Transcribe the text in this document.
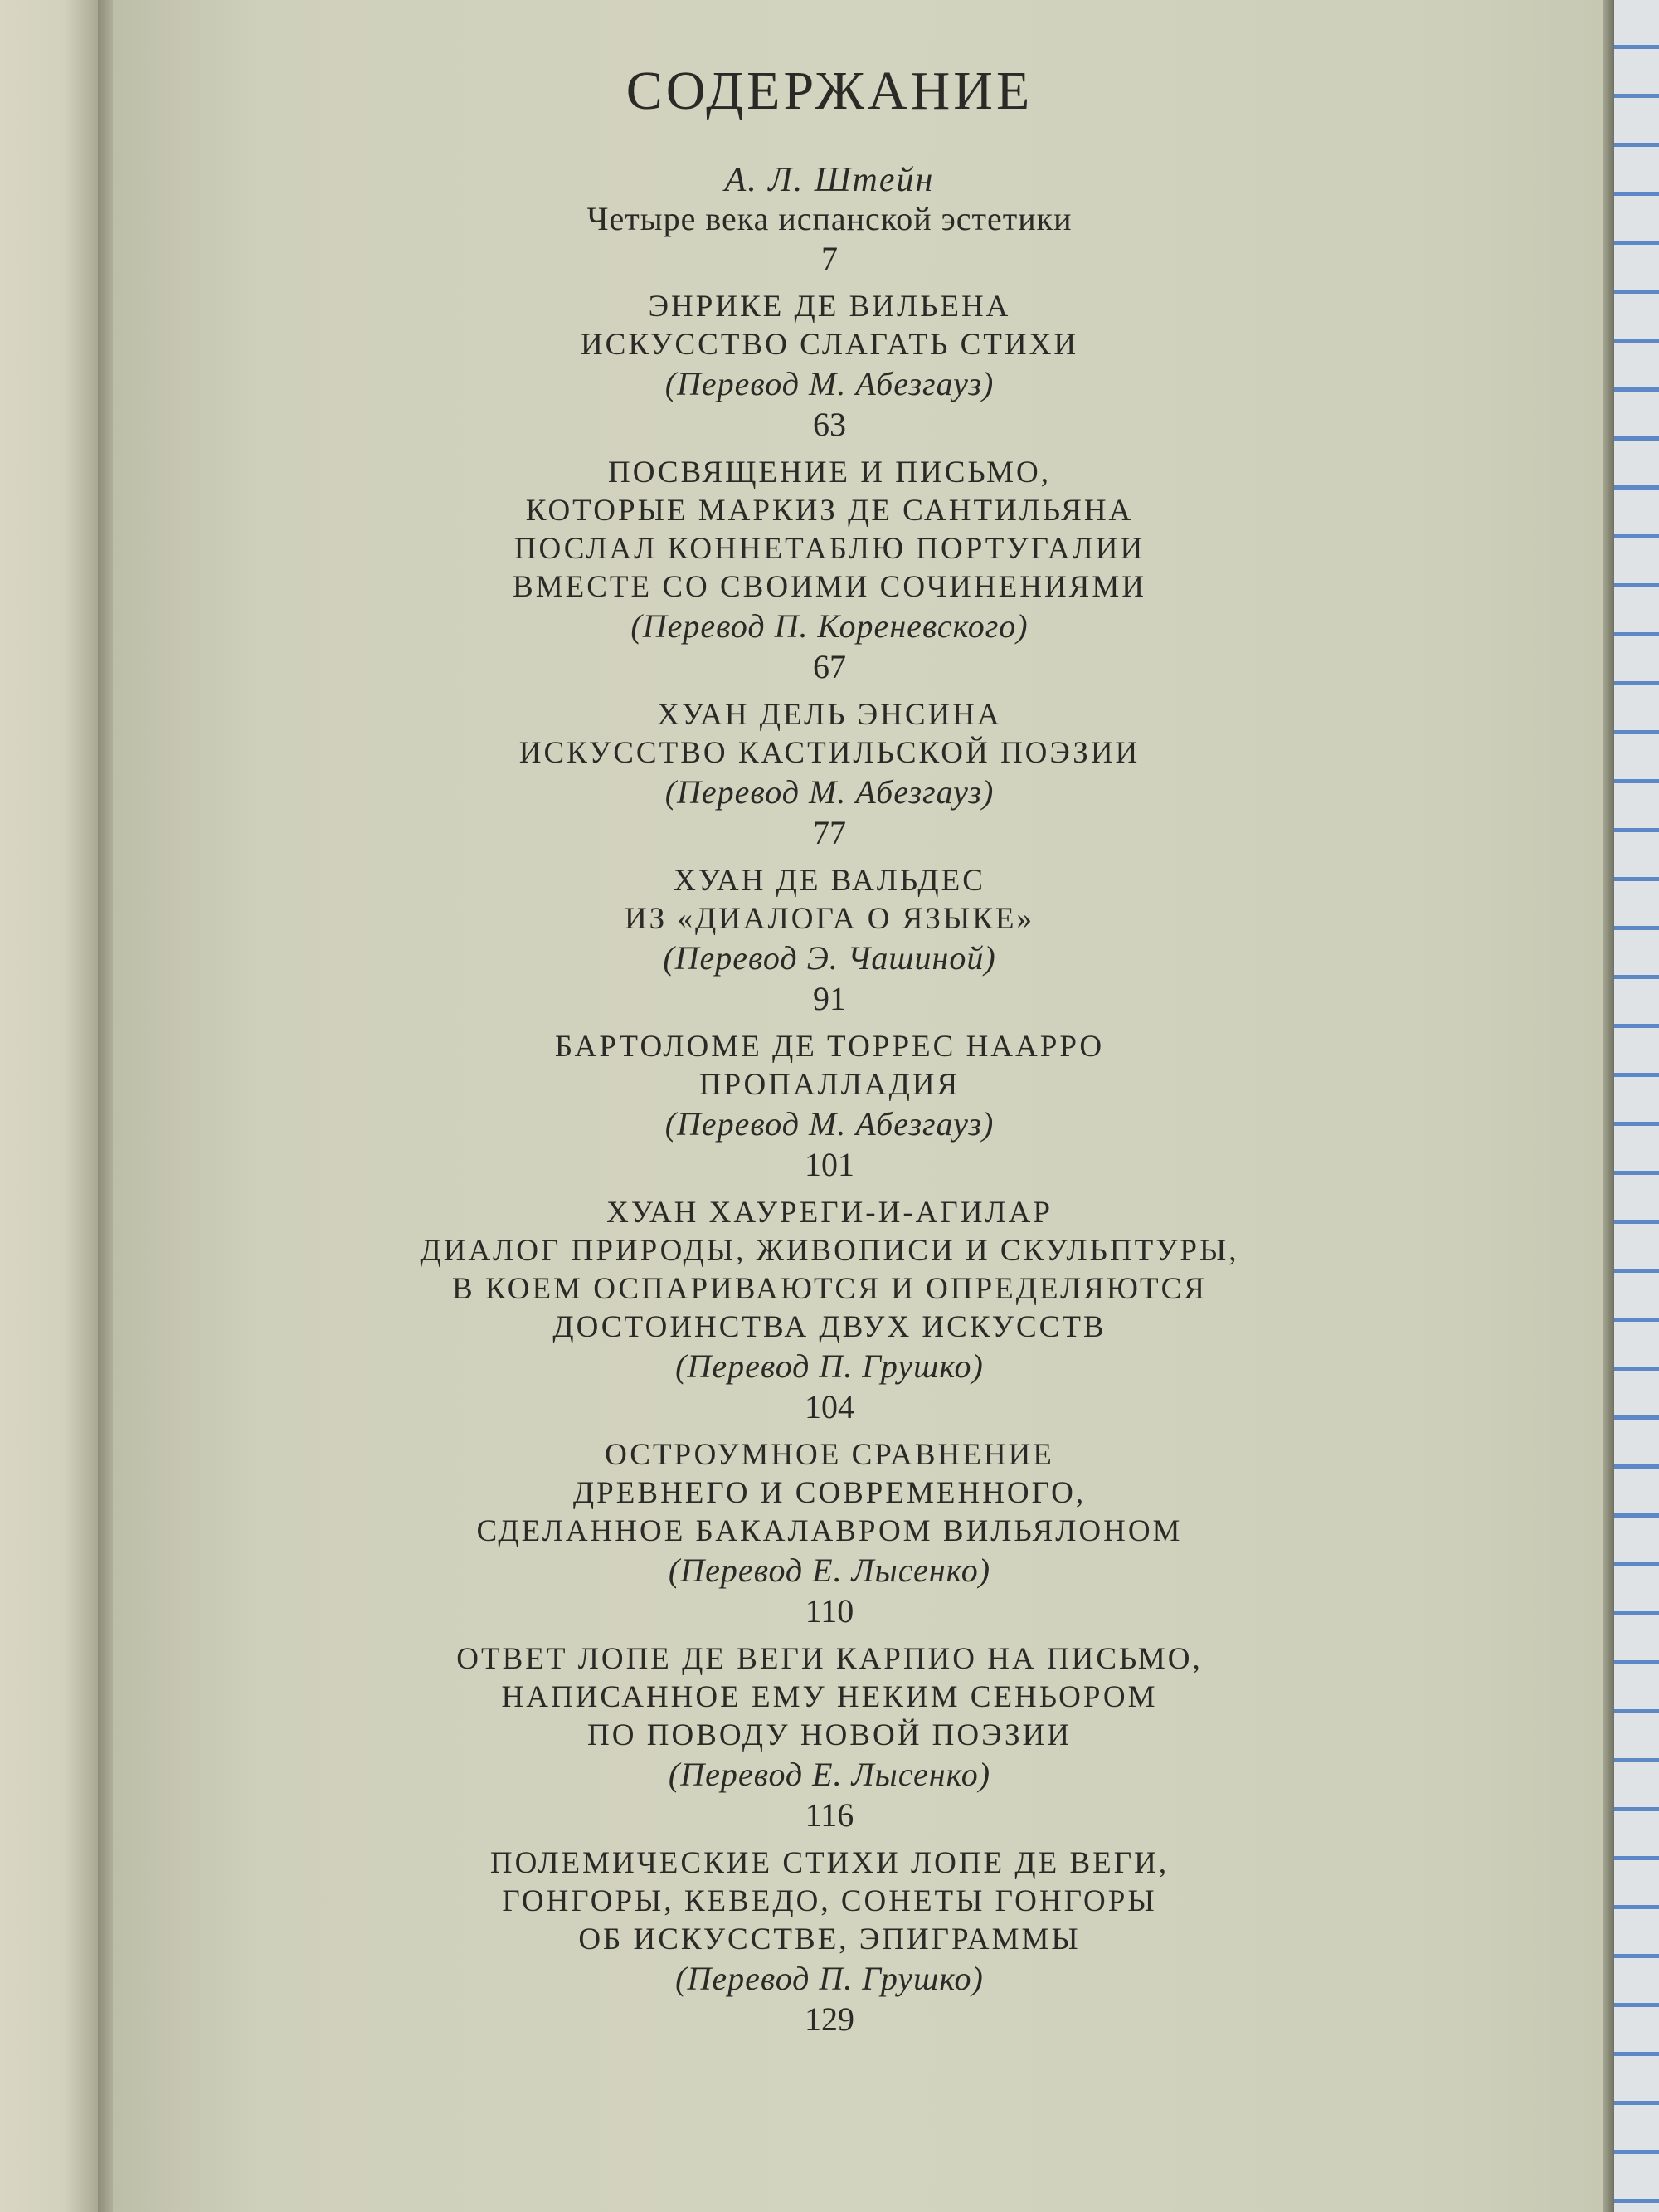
СОДЕРЖАНИЕ
А. Л. Штейн
Четыре века испанской эстетики
7
ЭНРИКЕ ДЕ ВИЛЬЕНА
ИСКУССТВО СЛАГАТЬ СТИХИ
(Перевод М. Абезгауз)
63
ПОСВЯЩЕНИЕ И ПИСЬМО,
КОТОРЫЕ МАРКИЗ ДЕ САНТИЛЬЯНА
ПОСЛАЛ КОННЕТАБЛЮ ПОРТУГАЛИИ
ВМЕСТЕ СО СВОИМИ СОЧИНЕНИЯМИ
(Перевод П. Кореневского)
67
ХУАН ДЕЛЬ ЭНСИНА
ИСКУССТВО КАСТИЛЬСКОЙ ПОЭЗИИ
(Перевод М. Абезгауз)
77
ХУАН ДЕ ВАЛЬДЕС
ИЗ «ДИАЛОГА О ЯЗЫКЕ»
(Перевод Э. Чашиной)
91
БАРТОЛОМЕ ДЕ ТОРРЕС НААРРО
ПРОПАЛЛАДИЯ
(Перевод М. Абезгауз)
101
ХУАН ХАУРЕГИ-И-АГИЛАР
ДИАЛОГ ПРИРОДЫ, ЖИВОПИСИ И СКУЛЬПТУРЫ,
В КОЕМ ОСПАРИВАЮТСЯ И ОПРЕДЕЛЯЮТСЯ
ДОСТОИНСТВА ДВУХ ИСКУССТВ
(Перевод П. Грушко)
104
ОСТРОУМНОЕ СРАВНЕНИЕ
ДРЕВНЕГО И СОВРЕМЕННОГО,
СДЕЛАННОЕ БАКАЛАВРОМ ВИЛЬЯЛОНОМ
(Перевод Е. Лысенко)
110
ОТВЕТ ЛОПЕ ДЕ ВЕГИ КАРПИО НА ПИСЬМО,
НАПИСАННОЕ ЕМУ НЕКИМ СЕНЬОРОМ
ПО ПОВОДУ НОВОЙ ПОЭЗИИ
(Перевод Е. Лысенко)
116
ПОЛЕМИЧЕСКИЕ СТИХИ ЛОПЕ ДЕ ВЕГИ,
ГОНГОРЫ, КЕВЕДО, СОНЕТЫ ГОНГОРЫ
ОБ ИСКУССТВЕ, ЭПИГРАММЫ
(Перевод П. Грушко)
129
